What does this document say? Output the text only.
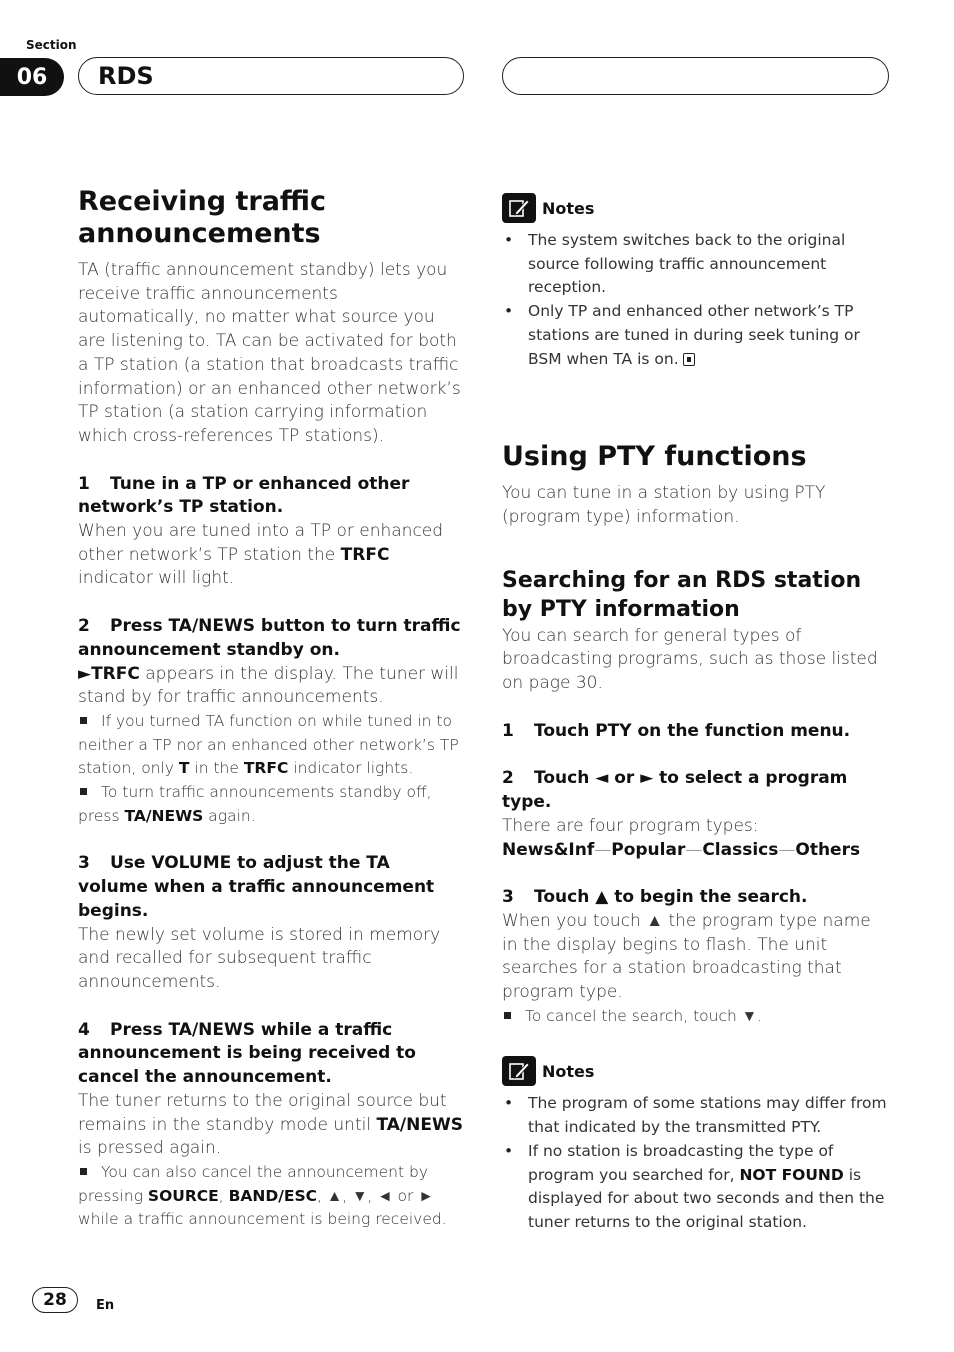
Section
06	RDS
Receiving traffic announcements

TA (traffic announcement standby) lets you receive traffic announcements automatically, no matter what source you are listening to. TA can be activated for both a TP station (a station that broadcasts traffic information) or an enhanced other network’s TP station (a station carrying information which cross-references TP stations).

1 Tune in a TP or enhanced other network’s TP station.

When you are tuned into a TP or enhanced other network’s TP station the TRFC indicator will light.

2 Press TA/NEWS button to turn traffic announcement standby on.

►TRFC appears in the display. The tuner will stand by for traffic announcements.

If you turned TA function on while tuned in to neither a TP nor an enhanced other network’s TP station, only T in the TRFC indicator lights.

To turn traffic announcements standby off, press TA/NEWS again.

3 Use VOLUME to adjust the TA volume when a traffic announcement begins.

The newly set volume is stored in memory and recalled for subsequent traffic announcements.

4 Press TA/NEWS while a traffic announcement is being received to cancel the announcement.

The tuner returns to the original source but remains in the standby mode until TA/NEWS is pressed again.

You can also cancel the announcement by pressing SOURCE, BAND/ESC, ▲, ▼, ◄ or ► while a traffic announcement is being received.

Notes
• The system switches back to the original source following traffic announcement reception.
• Only TP and enhanced other network’s TP stations are tuned in during seek tuning or BSM when TA is on.
Using PTY functions

You can tune in a station by using PTY (program type) information.

Searching for an RDS station by PTY information

You can search for general types of broadcasting programs, such as those listed on page 30.

1 Touch PTY on the function menu.

2 Touch ◄ or ► to select a program type.

There are four program types:

News&Inf—Popular—Classics—Others

3 Touch ▲ to begin the search.

When you touch ▲ the program type name in the display begins to flash. The unit searches for a station broadcasting that program type.

To cancel the search, touch ▼.

Notes
• The program of some stations may differ from that indicated by the transmitted PTY.
• If no station is broadcasting the type of program you searched for, NOT FOUND is displayed for about two seconds and then the tuner returns to the original station.
28	En
